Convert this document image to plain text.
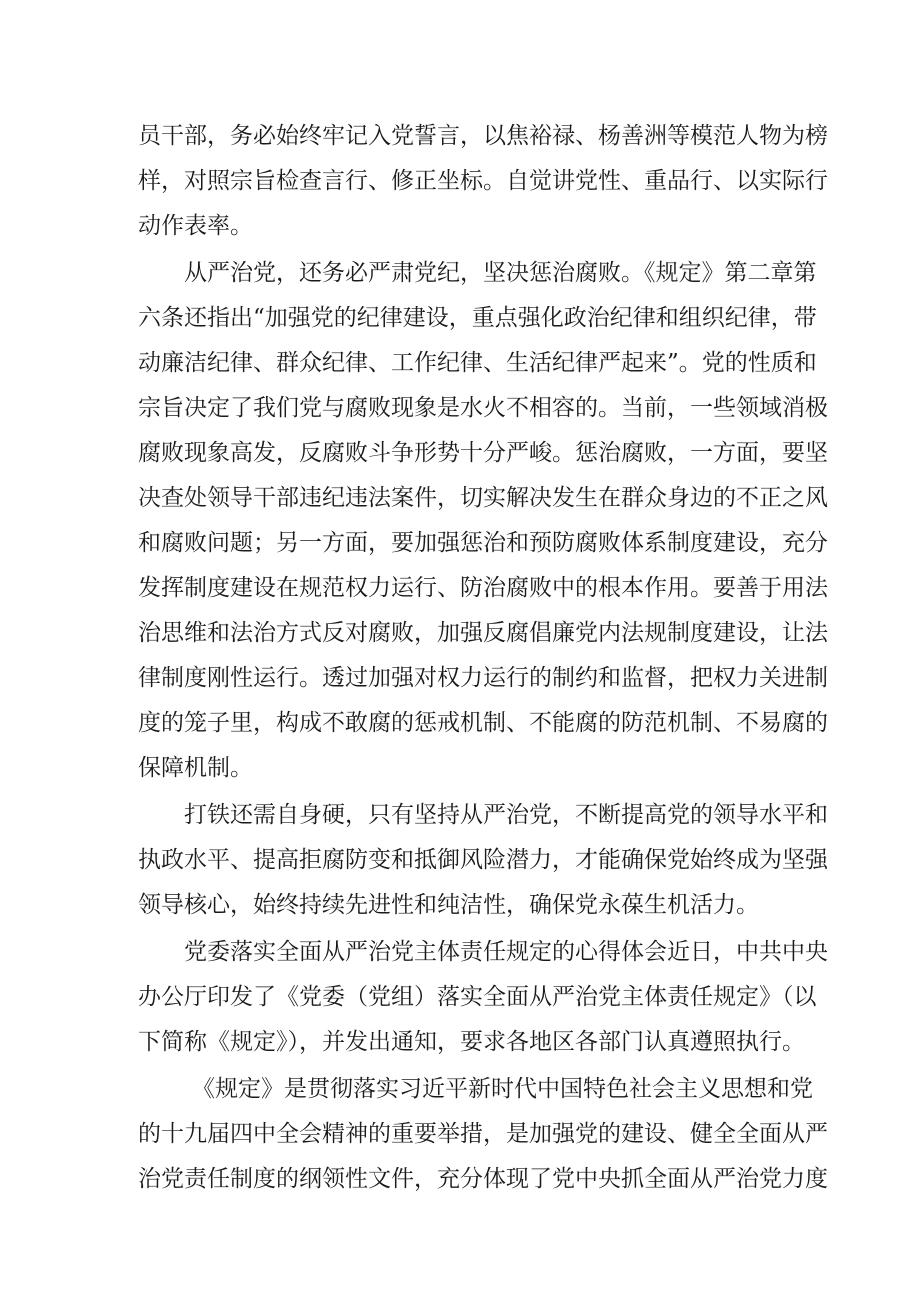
员干部，务必始终牢记入党誓言，以焦裕禄、杨善洲等模范人物为榜
样，对照宗旨检查言行、修正坐标。自觉讲党性、重品行、以实际行
动作表率。
从严治党，还务必严肃党纪，坚决惩治腐败。《规定》第二章第
六条还指出“加强党的纪律建设，重点强化政治纪律和组织纪律，带
动廉洁纪律、群众纪律、工作纪律、生活纪律严起来”。党的性质和
宗旨决定了我们党与腐败现象是水火不相容的。当前，一些领域消极
腐败现象高发，反腐败斗争形势十分严峻。惩治腐败，一方面，要坚
决查处领导干部违纪违法案件，切实解决发生在群众身边的不正之风
和腐败问题；另一方面，要加强惩治和预防腐败体系制度建设，充分
发挥制度建设在规范权力运行、防治腐败中的根本作用。要善于用法
治思维和法治方式反对腐败，加强反腐倡廉党内法规制度建设，让法
律制度刚性运行。透过加强对权力运行的制约和监督，把权力关进制
度的笼子里，构成不敢腐的惩戒机制、不能腐的防范机制、不易腐的
保障机制。
打铁还需自身硬，只有坚持从严治党，不断提高党的领导水平和
执政水平、提高拒腐防变和抵御风险潜力，才能确保党始终成为坚强
领导核心，始终持续先进性和纯洁性，确保党永葆生机活力。
党委落实全面从严治党主体责任规定的心得体会近日，中共中央
办公厅印发了《党委（党组）落实全面从严治党主体责任规定》（以
下简称《规定》），并发出通知，要求各地区各部门认真遵照执行。
《规定》是贯彻落实习近平新时代中国特色社会主义思想和党
的十九届四中全会精神的重要举措，是加强党的建设、健全全面从严
治党责任制度的纲领性文件，充分体现了党中央抓全面从严治党力度
